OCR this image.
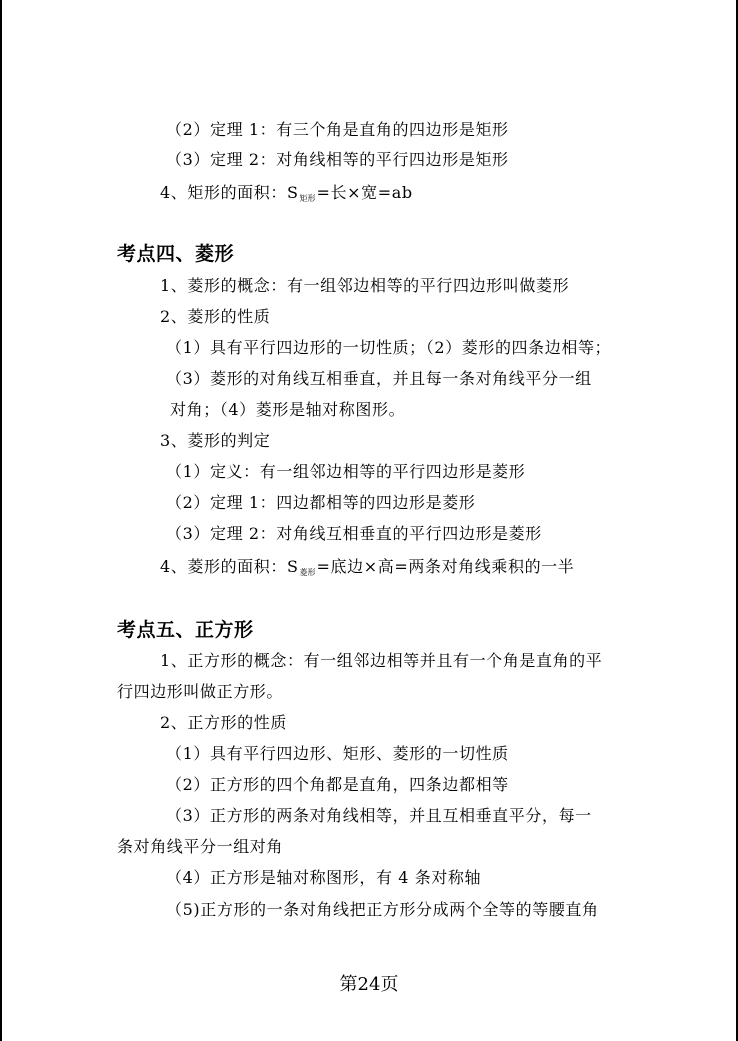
（2）定理 1：有三个角是直角的四边形是矩形
（3）定理 2：对角线相等的平行四边形是矩形
4、矩形的面积：$S_{矩形}=$长×宽=ab
考点四、菱形
1、菱形的概念：有一组邻边相等的平行四边形叫做菱形
2、菱形的性质
（1）具有平行四边形的一切性质；（2）菱形的四条边相等；
（3）菱形的对角线互相垂直，并且每一条对角线平分一组
对角；（4）菱形是轴对称图形。
3、菱形的判定
（1）定义：有一组邻边相等的平行四边形是菱形
（2）定理 1：四边都相等的四边形是菱形
（3）定理 2：对角线互相垂直的平行四边形是菱形
4、菱形的面积：$S_{菱形}=$底边×高=两条对角线乘积的一半
考点五、正方形
1、正方形的概念：有一组邻边相等并且有一个角是直角的平
行四边形叫做正方形。
2、正方形的性质
（1）具有平行四边形、矩形、菱形的一切性质
（2）正方形的四个角都是直角，四条边都相等
（3）正方形的两条对角线相等，并且互相垂直平分，每一
条对角线平分一组对角
（4）正方形是轴对称图形，有 4 条对称轴
（5)正方形的一条对角线把正方形分成两个全等的等腰直角
第24页
